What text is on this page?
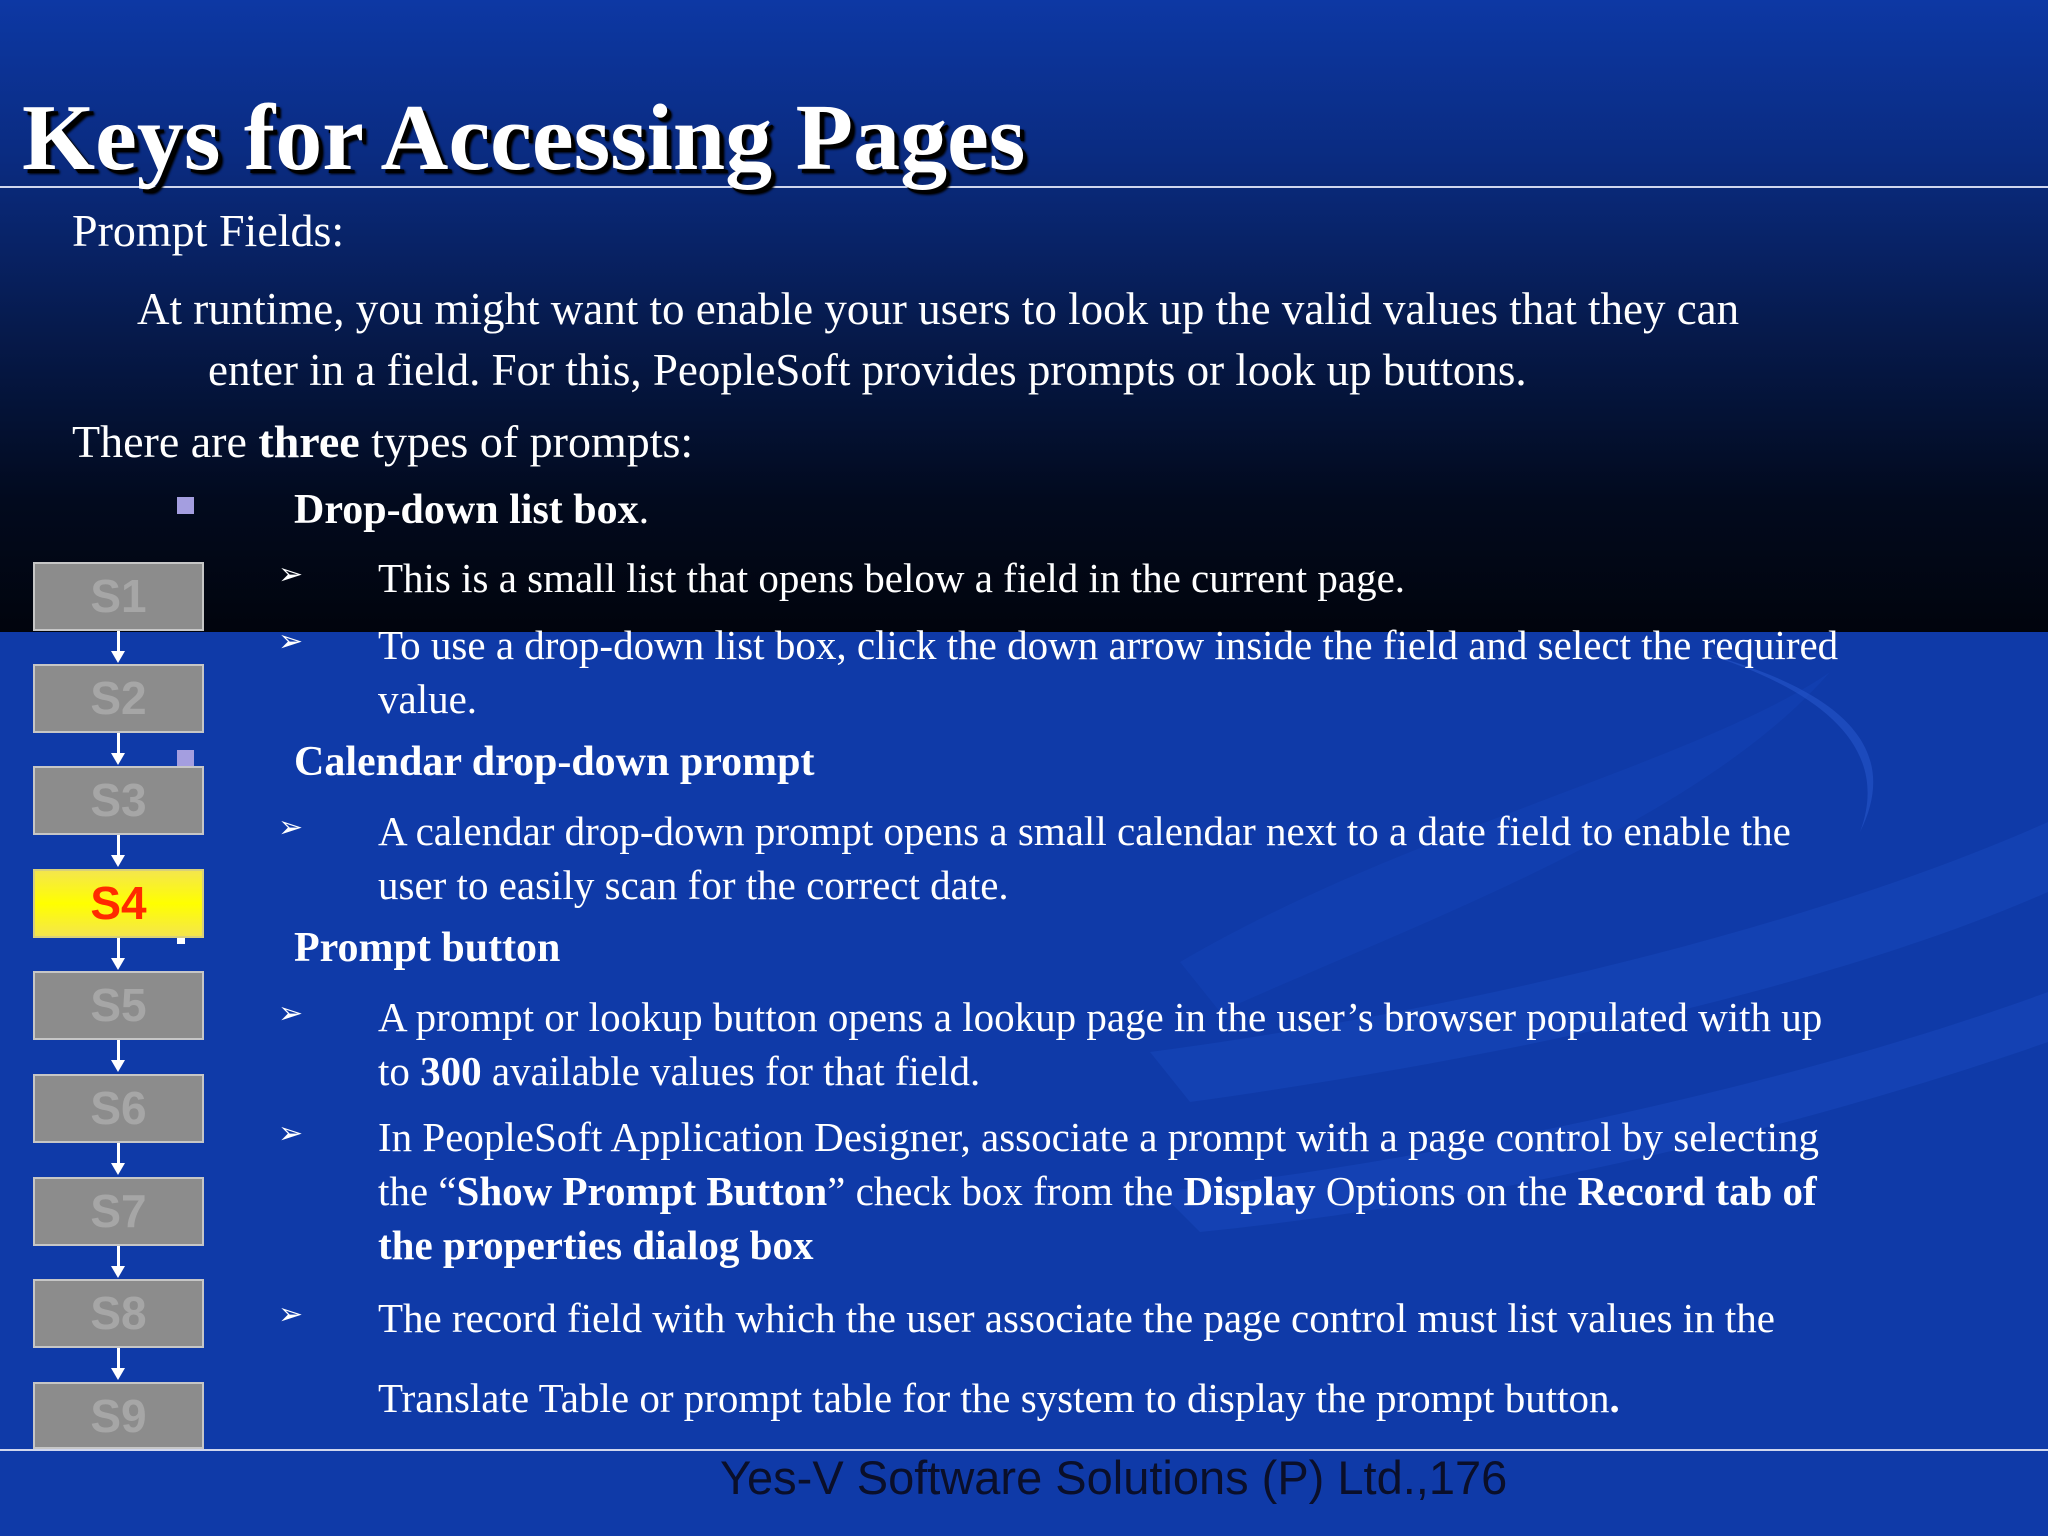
Keys for Accessing Pages

Prompt Fields:

At runtime, you might want to enable your users to look up the valid values that they can

enter in a field. For this, PeopleSoft provides prompts or look up buttons.

There are three types of prompts:

Drop-down list box.

➢ This is a small list that opens below a field in the current page.

➢ To use a drop-down list box, click the down arrow inside the field and select the required

value.

Calendar drop-down prompt

➢ A calendar drop-down prompt opens a small calendar next to a date field to enable the

user to easily scan for the correct date.

Prompt button

➢ A prompt or lookup button opens a lookup page in the user’s browser populated with up

to 300 available values for that field.

➢ In PeopleSoft Application Designer, associate a prompt with a page control by selecting

the “Show Prompt Button” check box from the Display Options on the Record tab of

the properties dialog box

➢ The record field with which the user associate the page control must list values in the

Translate Table or prompt table for the system to display the prompt button.

S1
S2
S3
S4
S5
S6
S7
S8
S9
Yes-V Software Solutions (P) Ltd.,176
